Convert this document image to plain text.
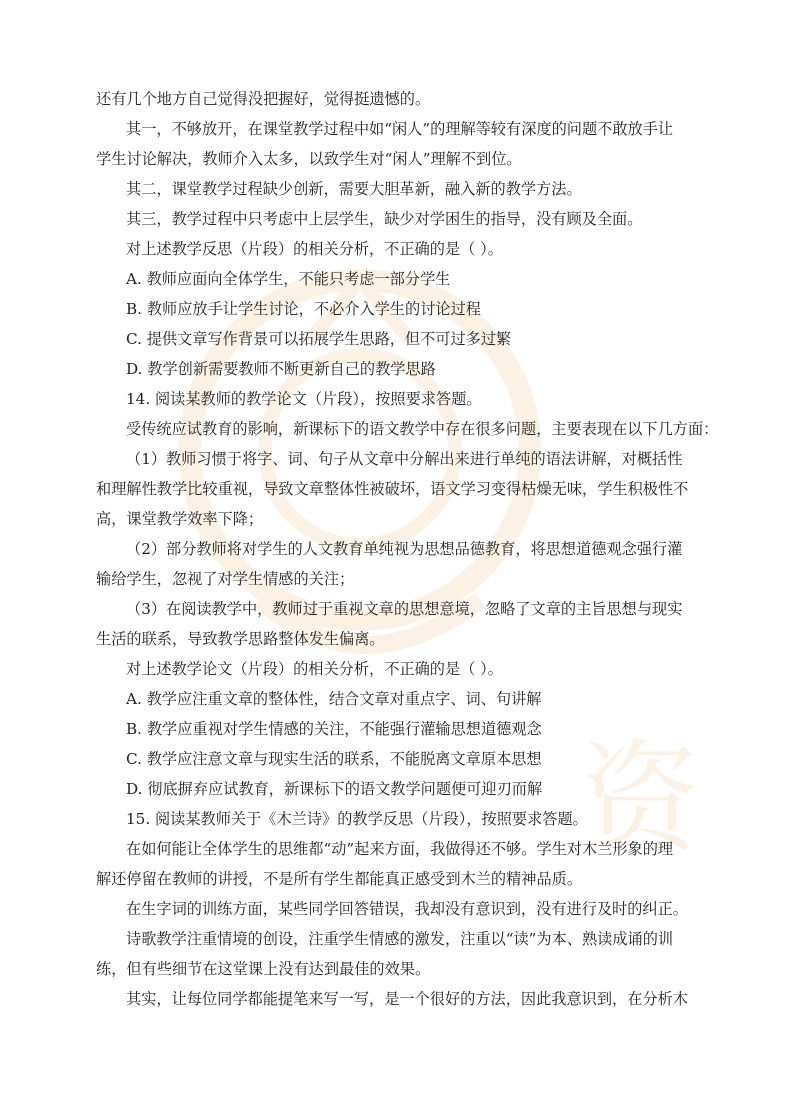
资
还有几个地方自己觉得没把握好，觉得挺遗憾的。
其一，不够放开，在课堂教学过程中如“闲人”的理解等较有深度的问题不敢放手让
学生讨论解决，教师介入太多，以致学生对“闲人”理解不到位。
其二，课堂教学过程缺少创新，需要大胆革新，融入新的教学方法。
其三，教学过程中只考虑中上层学生，缺少对学困生的指导，没有顾及全面。
对上述教学反思（片段）的相关分析，不正确的是（ ）。
A. 教师应面向全体学生，不能只考虑一部分学生
B. 教师应放手让学生讨论，不必介入学生的讨论过程
C. 提供文章写作背景可以拓展学生思路，但不可过多过繁
D. 教学创新需要教师不断更新自己的教学思路
14. 阅读某教师的教学论文（片段），按照要求答题。
受传统应试教育的影响，新课标下的语文教学中存在很多问题，主要表现在以下几方面：
（1）教师习惯于将字、词、句子从文章中分解出来进行单纯的语法讲解，对概括性
和理解性教学比较重视，导致文章整体性被破坏，语文学习变得枯燥无味，学生积极性不
高，课堂教学效率下降；
（2）部分教师将对学生的人文教育单纯视为思想品德教育，将思想道德观念强行灌
输给学生，忽视了对学生情感的关注；
（3）在阅读教学中，教师过于重视文章的思想意境，忽略了文章的主旨思想与现实
生活的联系，导致教学思路整体发生偏离。
对上述教学论文（片段）的相关分析，不正确的是（ ）。
A. 教学应注重文章的整体性，结合文章对重点字、词、句讲解
B. 教学应重视对学生情感的关注，不能强行灌输思想道德观念
C. 教学应注意文章与现实生活的联系，不能脱离文章原本思想
D. 彻底摒弃应试教育，新课标下的语文教学问题便可迎刃而解
15. 阅读某教师关于《木兰诗》的教学反思（片段），按照要求答题。
在如何能让全体学生的思维都“动”起来方面，我做得还不够。学生对木兰形象的理
解还停留在教师的讲授，不是所有学生都能真正感受到木兰的精神品质。
在生字词的训练方面，某些同学回答错误，我却没有意识到，没有进行及时的纠正。
诗歌教学注重情境的创设，注重学生情感的激发，注重以“读”为本、熟读成诵的训
练，但有些细节在这堂课上没有达到最佳的效果。
其实，让每位同学都能提笔来写一写，是一个很好的方法，因此我意识到，在分析木
